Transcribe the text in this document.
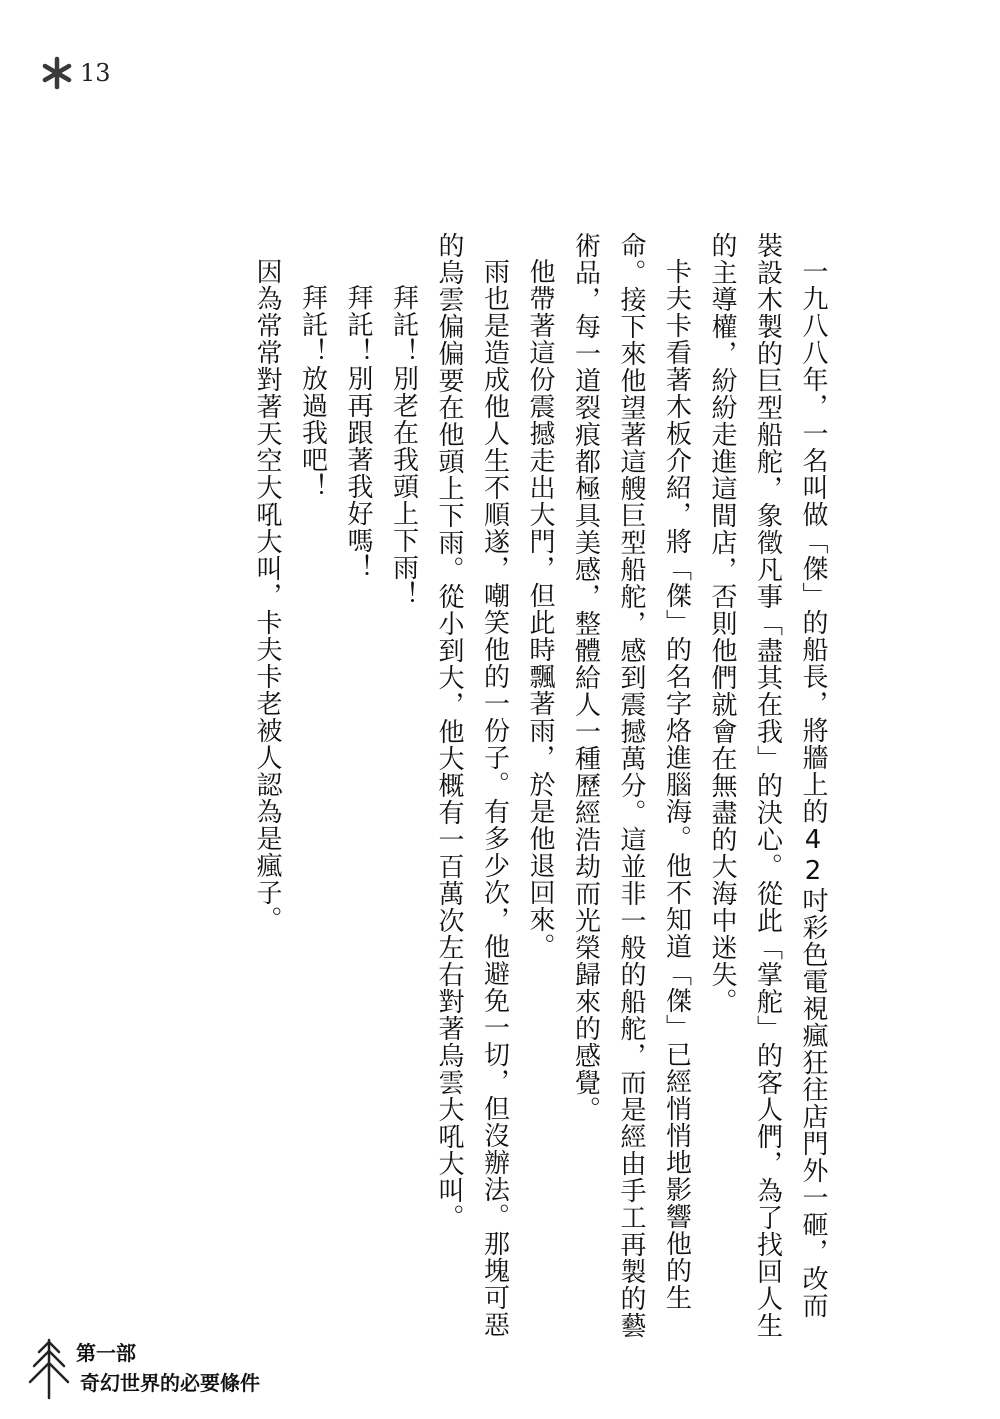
13

一九八八年，一名叫做「傑」的船長，將牆上的42吋彩色電視瘋狂往店門外一砸，改而裝設木製的巨型船舵，象徵凡事「盡其在我」的決心。從此「掌舵」的客人們，為了找回人生的主導權，紛紛走進這間店，否則他們就會在無盡的大海中迷失。

卡夫卡看著木板介紹，將「傑」的名字烙進腦海。他不知道「傑」已經悄悄地影響他的生命。接下來他望著這艘巨型船舵，感到震撼萬分。這並非一般的船舵，而是經由手工再製的藝術品，每一道裂痕都極具美感，整體給人一種歷經浩劫而光榮歸來的感覺。

他帶著這份震撼走出大門，但此時飄著雨，於是他退回來。

雨也是造成他人生不順遂，嘲笑他的一份子。有多少次，他避免一切，但沒辦法。那塊可惡的烏雲偏偏要在他頭上下雨。從小到大，他大概有一百萬次左右對著烏雲大吼大叫。

拜託！別老在我頭上下雨！

拜託！別再跟著我好嗎！

拜託！放過我吧！

因為常常對著天空大吼大叫，卡夫卡老被人認為是瘋子。

第一部
奇幻世界的必要條件
